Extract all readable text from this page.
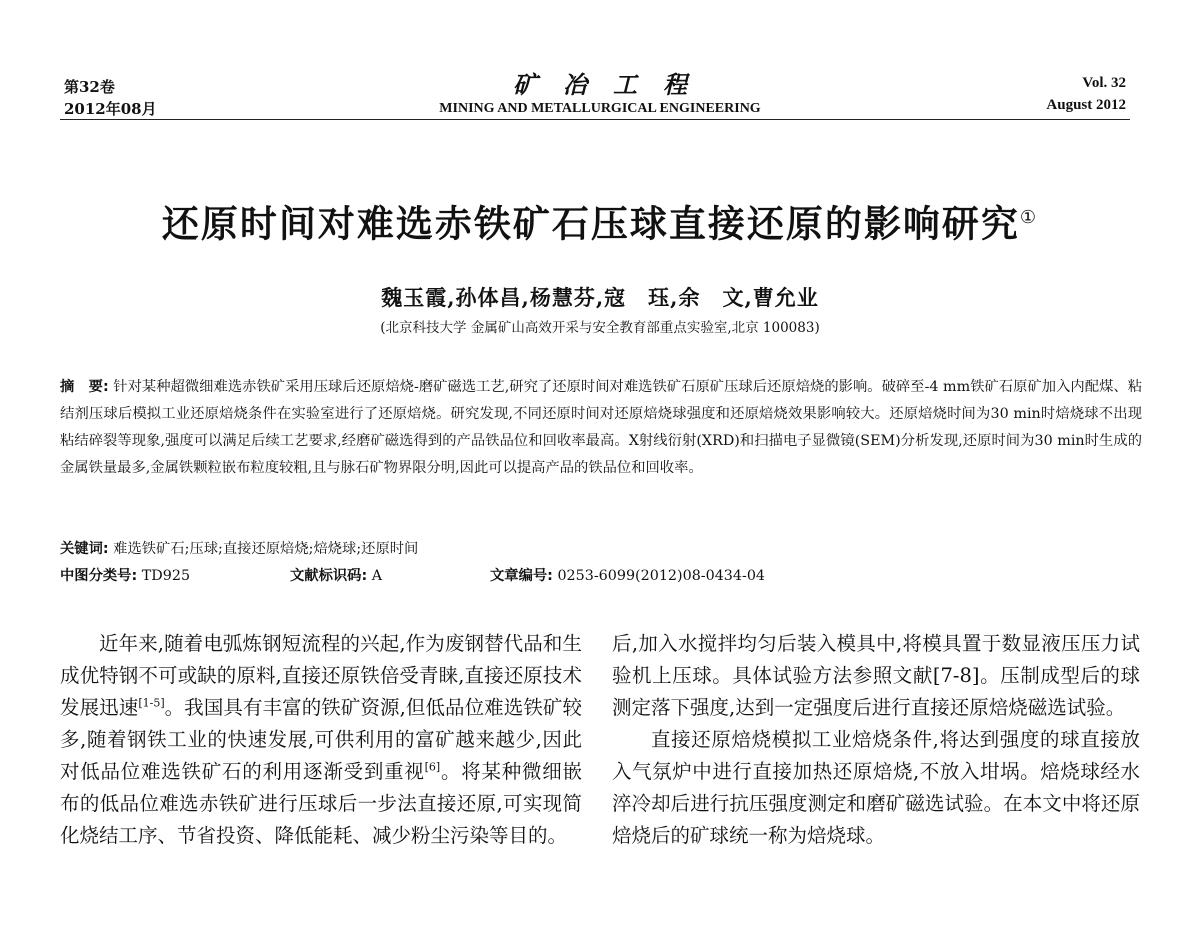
第32卷
2012年08月
矿冶工程
MINING AND METALLURGICAL ENGINEERING
Vol. 32
August 2012
还原时间对难选赤铁矿石压球直接还原的影响研究①
魏玉霞,孙体昌,杨慧芬,寇　珏,余　文,曹允业
(北京科技大学 金属矿山高效开采与安全教育部重点实验室,北京 100083)
摘　要: 针对某种超微细难选赤铁矿采用压球后还原焙烧-磨矿磁选工艺,研究了还原时间对难选铁矿石原矿压球后还原焙烧的影响。破碎至-4 mm铁矿石原矿加入内配煤、粘结剂压球后模拟工业还原焙烧条件在实验室进行了还原焙烧。研究发现,不同还原时间对还原焙烧球强度和还原焙烧效果影响较大。还原焙烧时间为30 min时焙烧球不出现粘结碎裂等现象,强度可以满足后续工艺要求,经磨矿磁选得到的产品铁品位和回收率最高。X射线衍射(XRD)和扫描电子显微镜(SEM)分析发现,还原时间为30 min时生成的金属铁量最多,金属铁颗粒嵌布粒度较粗,且与脉石矿物界限分明,因此可以提高产品的铁品位和回收率。
关键词: 难选铁矿石;压球;直接还原焙烧;焙烧球;还原时间
中图分类号: TD925	文献标识码: A	文章编号: 0253-6099(2012)08-0434-04

近年来,随着电弧炼钢短流程的兴起,作为废钢替代品和生成优特钢不可或缺的原料,直接还原铁倍受青睐,直接还原技术发展迅速[1-5]。我国具有丰富的铁矿资源,但低品位难选铁矿较多,随着钢铁工业的快速发展,可供利用的富矿越来越少,因此对低品位难选铁矿石的利用逐渐受到重视[6]。将某种微细嵌布的低品位难选赤铁矿进行压球后一步法直接还原,可实现简化烧结工序、节省投资、降低能耗、减少粉尘污染等目的。

后,加入水搅拌均匀后装入模具中,将模具置于数显液压压力试验机上压球。具体试验方法参照文献[7-8]。压制成型后的球测定落下强度,达到一定强度后进行直接还原焙烧磁选试验。

直接还原焙烧模拟工业焙烧条件,将达到强度的球直接放入气氛炉中进行直接加热还原焙烧,不放入坩埚。焙烧球经水淬冷却后进行抗压强度测定和磨矿磁选试验。在本文中将还原焙烧后的矿球统一称为焙烧球。
